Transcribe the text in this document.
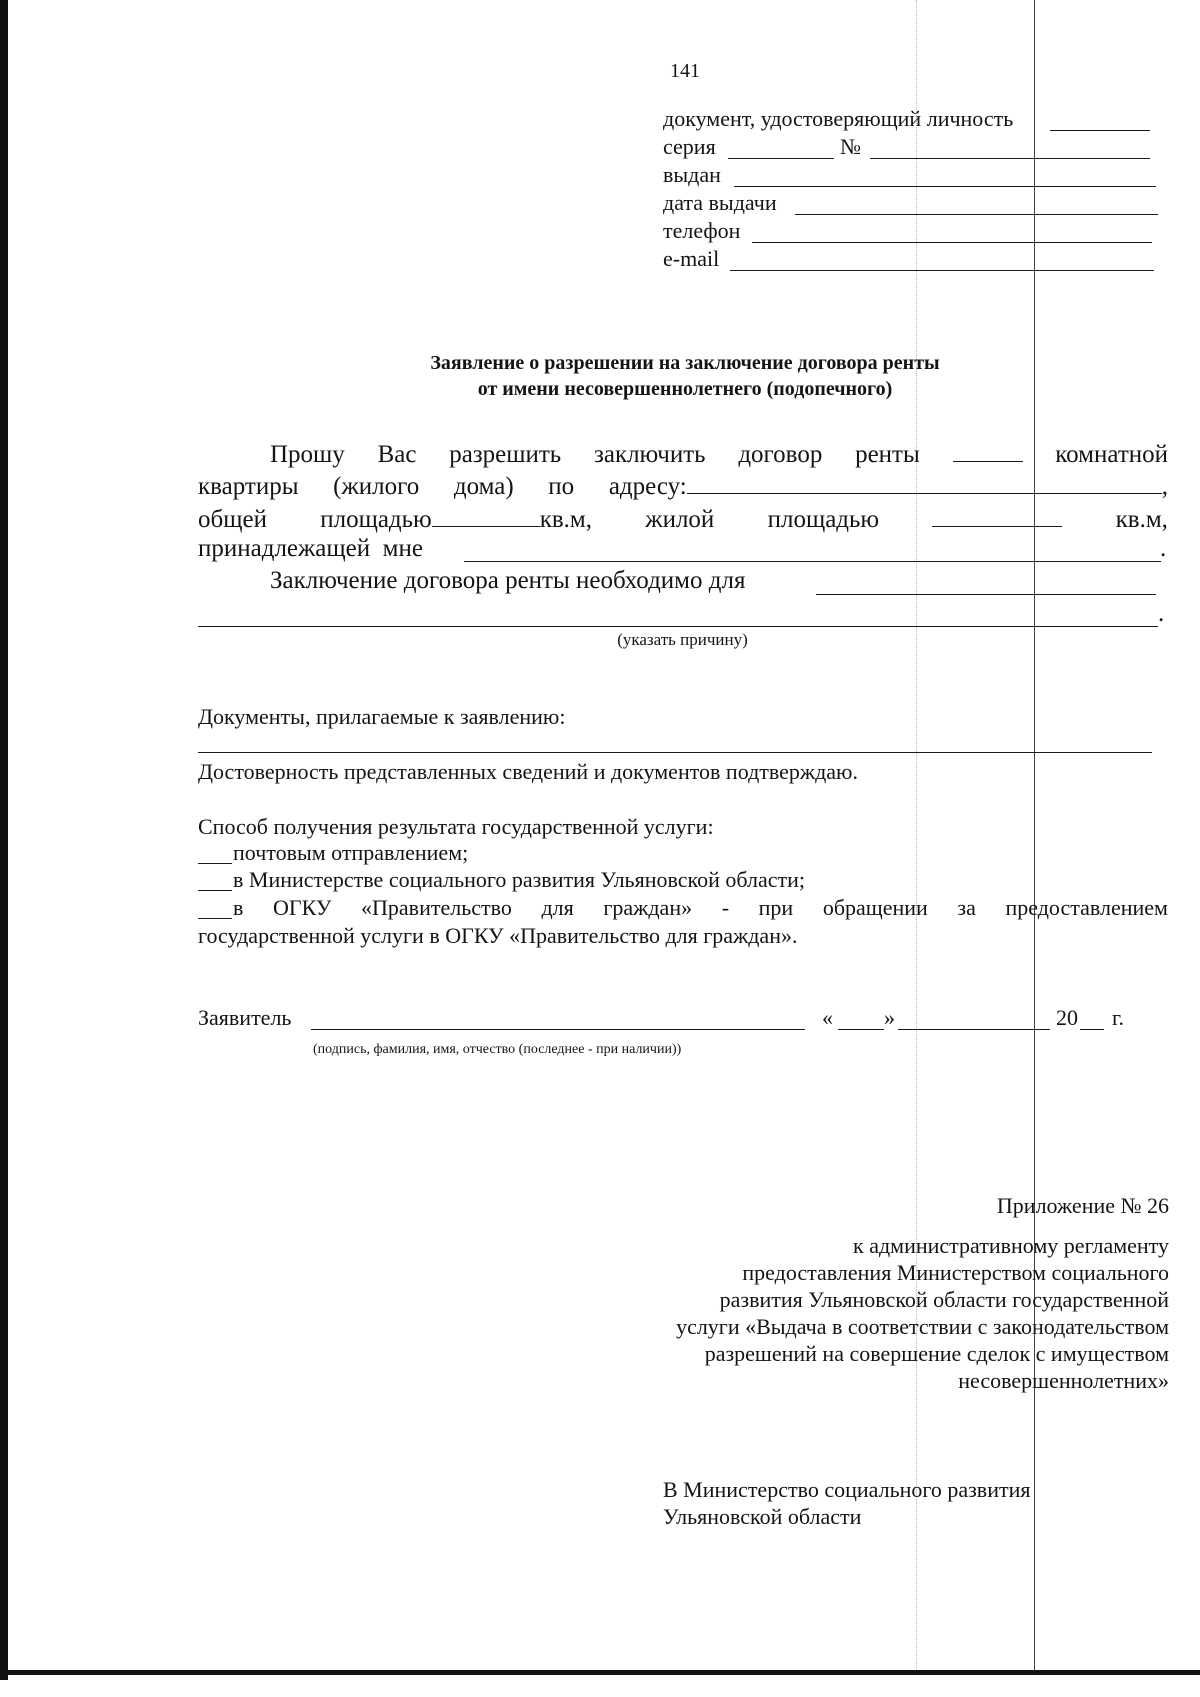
141
документ, удостоверяющий личность
серия	№
выдан
дата выдачи
телефон
e-mail
Заявление о разрешении на заключение договора ренты
от имени несовершеннолетнего (подопечного)
Прошу Вас разрешить заключить договор ренты	комнатной
квартиры (жилого дома) по адресу:	,
общей площадью	кв.м, жилой площадью	кв.м,
принадлежащей мне	.
Заключение договора ренты необходимо для
.
(указать причину)
Документы, прилагаемые к заявлению:
Достоверность представленных сведений и документов подтверждаю.
Способ получения результата государственной услуги:
почтовым отправлением;
в Министерстве социального развития Ульяновской области;
в ОГКУ «Правительство для граждан» - при обращении за предоставлением
государственной услуги в ОГКУ «Правительство для граждан».
Заявитель	« »	20 г.
(подпись, фамилия, имя, отчество (последнее - при наличии))
Приложение № 26
к административному регламенту
предоставления Министерством социального
развития Ульяновской области государственной
услуги «Выдача в соответствии с законодательством
разрешений на совершение сделок с имуществом
несовершеннолетних»
В Министерство социального развития
Ульяновской области
